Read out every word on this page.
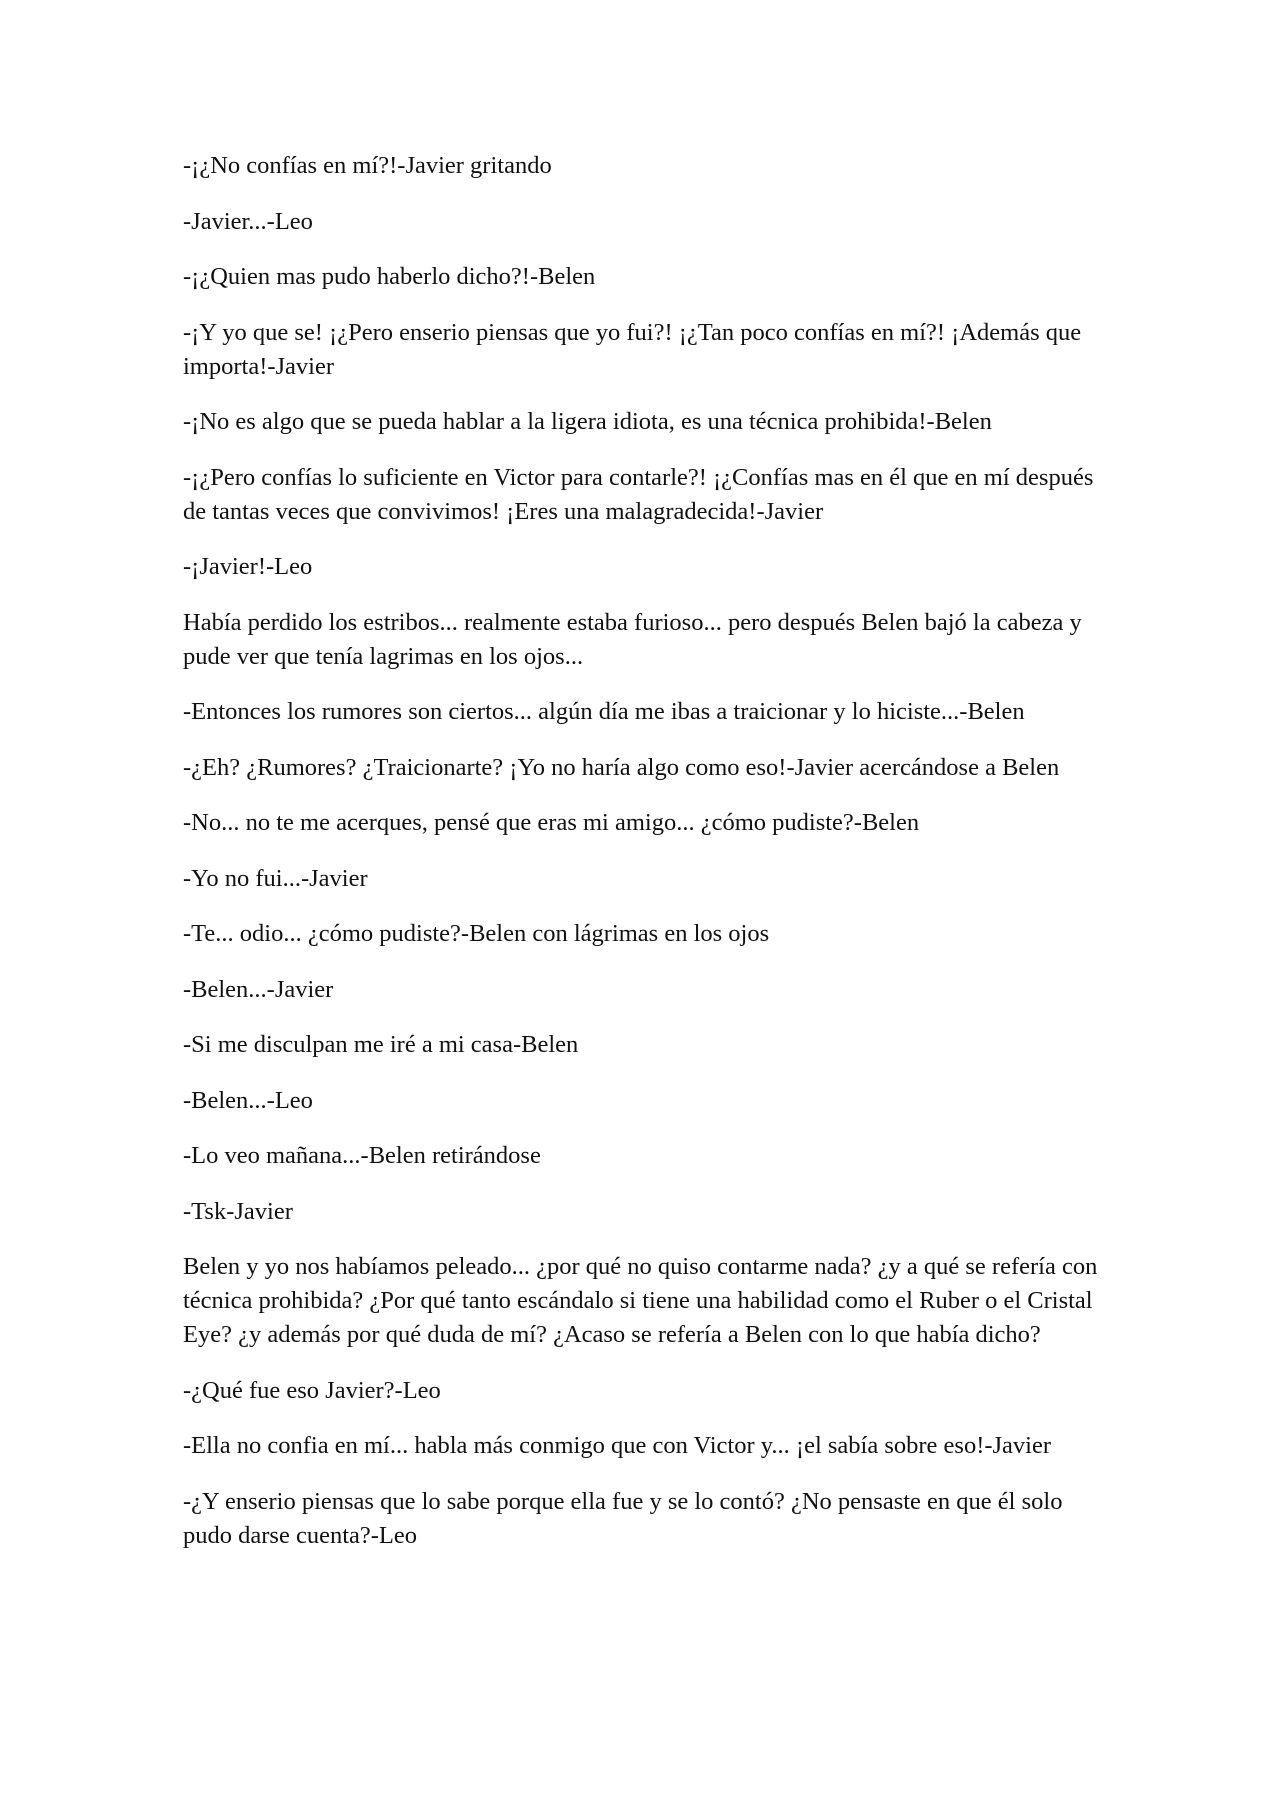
-¡¿No confías en mí?!-Javier gritando

-Javier...-Leo

-¡¿Quien mas pudo haberlo dicho?!-Belen

-¡Y yo que se! ¡¿Pero enserio piensas que yo fui?! ¡¿Tan poco confías en mí?! ¡Además que importa!-Javier

-¡No es algo que se pueda hablar a la ligera idiota, es una técnica prohibida!-Belen

-¡¿Pero confías lo suficiente en Victor para contarle?! ¡¿Confías mas en él que en mí después de tantas veces que convivimos! ¡Eres una malagradecida!-Javier

-¡Javier!-Leo

Había perdido los estribos... realmente estaba furioso... pero después Belen bajó la cabeza y pude ver que tenía lagrimas en los ojos...

-Entonces los rumores son ciertos... algún día me ibas a traicionar y lo hiciste...-Belen

-¿Eh? ¿Rumores? ¿Traicionarte? ¡Yo no haría algo como eso!-Javier acercándose a Belen

-No... no te me acerques, pensé que eras mi amigo... ¿cómo pudiste?-Belen

-Yo no fui...-Javier

-Te... odio... ¿cómo pudiste?-Belen con lágrimas en los ojos

-Belen...-Javier

-Si me disculpan me iré a mi casa-Belen

-Belen...-Leo

-Lo veo mañana...-Belen retirándose

-Tsk-Javier

Belen y yo nos habíamos peleado... ¿por qué no quiso contarme nada? ¿y a qué se refería con técnica prohibida? ¿Por qué tanto escándalo si tiene una habilidad como el Ruber o el Cristal Eye? ¿y además por qué duda de mí? ¿Acaso se refería a Belen con lo que había dicho?

-¿Qué fue eso Javier?-Leo

-Ella no confia en mí... habla más conmigo que con Victor y... ¡el sabía sobre eso!-Javier

-¿Y enserio piensas que lo sabe porque ella fue y se lo contó? ¿No pensaste en que él solo pudo darse cuenta?-Leo
